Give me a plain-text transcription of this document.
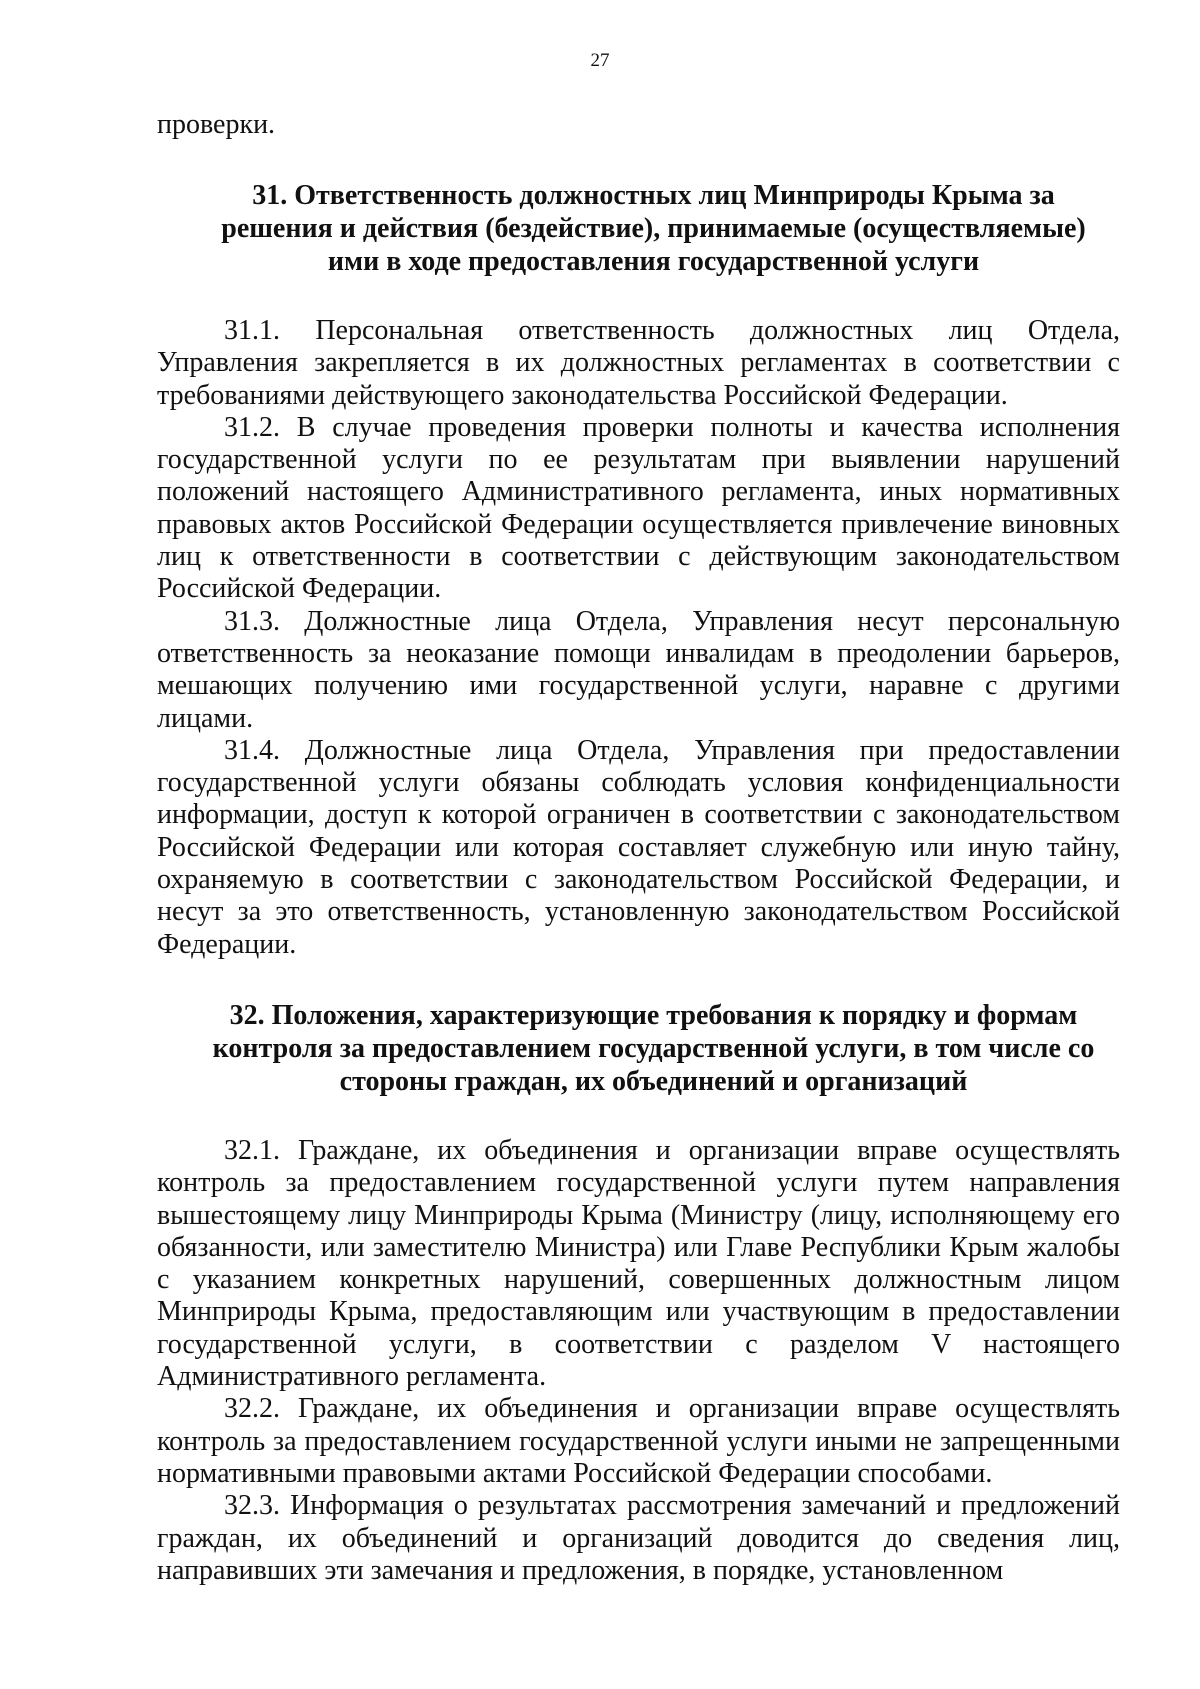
27

проверки.

31. Ответственность должностных лиц Минприроды Крыма за решения и действия (бездействие), принимаемые (осуществляемые) ими в ходе предоставления государственной услуги

31.1. Персональная ответственность должностных лиц Отдела, Управления закрепляется в их должностных регламентах в соответствии с требованиями действующего законодательства Российской Федерации.

31.2. В случае проведения проверки полноты и качества исполнения государственной услуги по ее результатам при выявлении нарушений положений настоящего Административного регламента, иных нормативных правовых актов Российской Федерации осуществляется привлечение виновных лиц к ответственности в соответствии с действующим законодательством Российской Федерации.

31.3. Должностные лица Отдела, Управления несут персональную ответственность за неоказание помощи инвалидам в преодолении барьеров, мешающих получению ими государственной услуги, наравне с другими лицами.

31.4. Должностные лица Отдела, Управления при предоставлении государственной услуги обязаны соблюдать условия конфиденциальности информации, доступ к которой ограничен в соответствии с законодательством Российской Федерации или которая составляет служебную или иную тайну, охраняемую в соответствии с законодательством Российской Федерации, и несут за это ответственность, установленную законодательством Российской Федерации.

32. Положения, характеризующие требования к порядку и формам контроля за предоставлением государственной услуги, в том числе со стороны граждан, их объединений и организаций

32.1. Граждане, их объединения и организации вправе осуществлять контроль за предоставлением государственной услуги путем направления вышестоящему лицу Минприроды Крыма (Министру (лицу, исполняющему его обязанности, или заместителю Министра) или Главе Республики Крым жалобы с указанием конкретных нарушений, совершенных должностным лицом Минприроды Крыма, предоставляющим или участвующим в предоставлении государственной услуги, в соответствии с разделом V настоящего Административного регламента.

32.2. Граждане, их объединения и организации вправе осуществлять контроль за предоставлением государственной услуги иными не запрещенными нормативными правовыми актами Российской Федерации способами.

32.3. Информация о результатах рассмотрения замечаний и предложений граждан, их объединений и организаций доводится до сведения лиц, направивших эти замечания и предложения, в порядке, установленном
